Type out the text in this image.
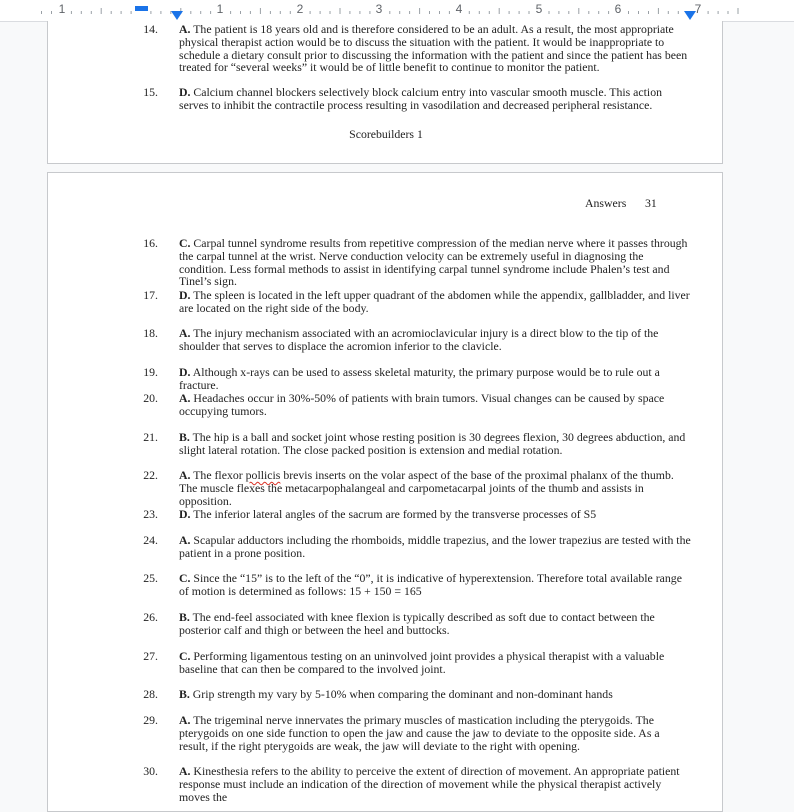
1	1	2	3	4	5	6	7
14. A. The patient is 18 years old and is therefore considered to be an adult. As a result, the most appropriate physical therapist action would be to discuss the situation with the patient. It would be inappropriate to schedule a dietary consult prior to discussing the information with the patient and since the patient has been treated for “several weeks” it would be of little benefit to continue to monitor the patient.
15. D. Calcium channel blockers selectively block calcium entry into vascular smooth muscle. This action serves to inhibit the contractile process resulting in vasodilation and decreased peripheral resistance.
Scorebuilders 1
Answers 31
16. C. Carpal tunnel syndrome results from repetitive compression of the median nerve where it passes through the carpal tunnel at the wrist. Nerve conduction velocity can be extremely useful in diagnosing the condition. Less formal methods to assist in identifying carpal tunnel syndrome include Phalen’s test and Tinel’s sign.
17. D. The spleen is located in the left upper quadrant of the abdomen while the appendix, gallbladder, and liver are located on the right side of the body.
18. A. The injury mechanism associated with an acromioclavicular injury is a direct blow to the tip of the shoulder that serves to displace the acromion inferior to the clavicle.
19. D. Although x-rays can be used to assess skeletal maturity, the primary purpose would be to rule out a fracture.
20. A. Headaches occur in 30%-50% of patients with brain tumors. Visual changes can be caused by space occupying tumors.
21. B. The hip is a ball and socket joint whose resting position is 30 degrees flexion, 30 degrees abduction, and slight lateral rotation. The close packed position is extension and medial rotation.
22. A. The flexor pollicis brevis inserts on the volar aspect of the base of the proximal phalanx of the thumb. The muscle flexes the metacarpophalangeal and carpometacarpal joints of the thumb and assists in opposition.
23. D. The inferior lateral angles of the sacrum are formed by the transverse processes of S5
24. A. Scapular adductors including the rhomboids, middle trapezius, and the lower trapezius are tested with the patient in a prone position.
25. C. Since the “15” is to the left of the “0”, it is indicative of hyperextension. Therefore total available range of motion is determined as follows: 15 + 150 = 165
26. B. The end-feel associated with knee flexion is typically described as soft due to contact between the posterior calf and thigh or between the heel and buttocks.
27. C. Performing ligamentous testing on an uninvolved joint provides a physical therapist with a valuable baseline that can then be compared to the involved joint.
28. B. Grip strength my vary by 5-10% when comparing the dominant and non-dominant hands
29. A. The trigeminal nerve innervates the primary muscles of mastication including the pterygoids. The pterygoids on one side function to open the jaw and cause the jaw to deviate to the opposite side. As a result, if the right pterygoids are weak, the jaw will deviate to the right with opening.
30. A. Kinesthesia refers to the ability to perceive the extent of direction of movement. An appropriate patient response must include an indication of the direction of movement while the physical therapist actively moves the
